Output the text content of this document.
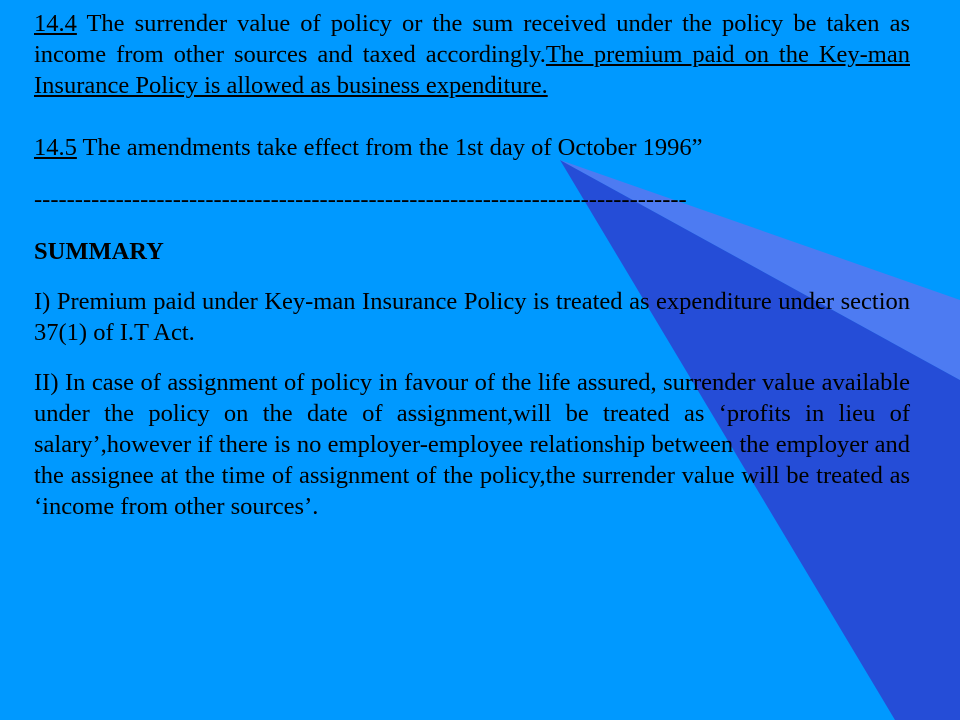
14.4 The surrender value of policy or the sum received under the policy be taken as income from other sources and taxed accordingly.The premium paid on the Key-man Insurance Policy is allowed as business expenditure.

14.5 The amendments take effect from the 1st day of October 1996”

--------------------------------------------------------------------------------
SUMMARY

I) Premium paid under Key-man Insurance Policy is treated as expenditure under section 37(1) of I.T Act.

II) In case of assignment of policy in favour of the life assured, surrender value available under the policy on the date of assignment,will be treated as ‘profits in lieu of salary’,however if there is no employer-employee relationship between the employer and the assignee at the time of assignment of the policy,the surrender value will be treated as ‘income from other sources’.
